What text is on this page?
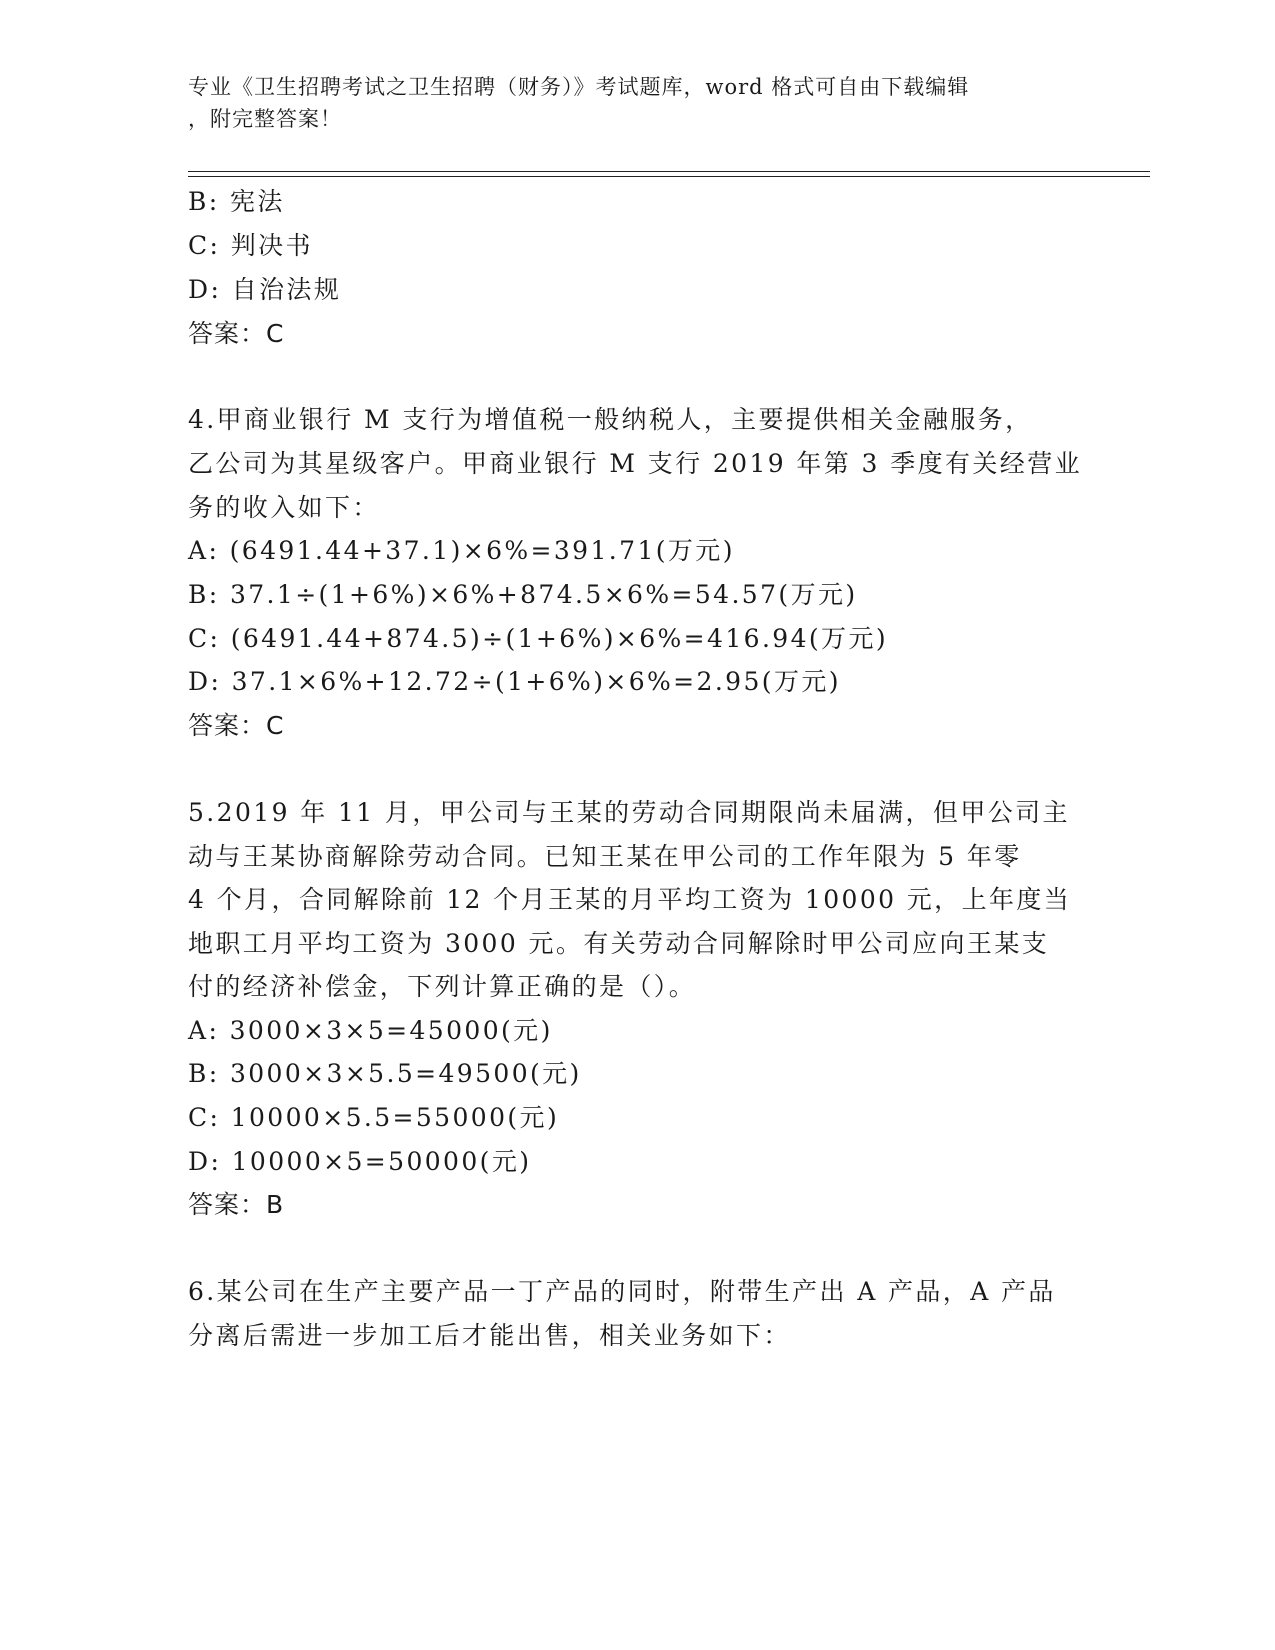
专业《卫生招聘考试之卫生招聘（财务）》考试题库，word 格式可自由下载编辑
，附完整答案！
B: 宪法
C: 判决书
D: 自治法规
答案：C
4.甲商业银行 M 支行为增值税一般纳税人，主要提供相关金融服务，
乙公司为其星级客户。甲商业银行 M 支行 2019 年第 3 季度有关经营业
务的收入如下：
A: (6491.44+37.1)×6%=391.71(万元)
B: 37.1÷(1+6%)×6%+874.5×6%=54.57(万元)
C: (6491.44+874.5)÷(1+6%)×6%=416.94(万元)
D: 37.1×6%+12.72÷(1+6%)×6%=2.95(万元)
答案：C
5.2019 年 11 月，甲公司与王某的劳动合同期限尚未届满，但甲公司主
动与王某协商解除劳动合同。已知王某在甲公司的工作年限为 5 年零
4 个月，合同解除前 12 个月王某的月平均工资为 10000 元，上年度当
地职工月平均工资为 3000 元。有关劳动合同解除时甲公司应向王某支
付的经济补偿金，下列计算正确的是（）。
A: 3000×3×5=45000(元)
B: 3000×3×5.5=49500(元)
C: 10000×5.5=55000(元)
D: 10000×5=50000(元)
答案：B
6.某公司在生产主要产品一丁产品的同时，附带生产出 A 产品，A 产品
分离后需进一步加工后才能出售，相关业务如下：
